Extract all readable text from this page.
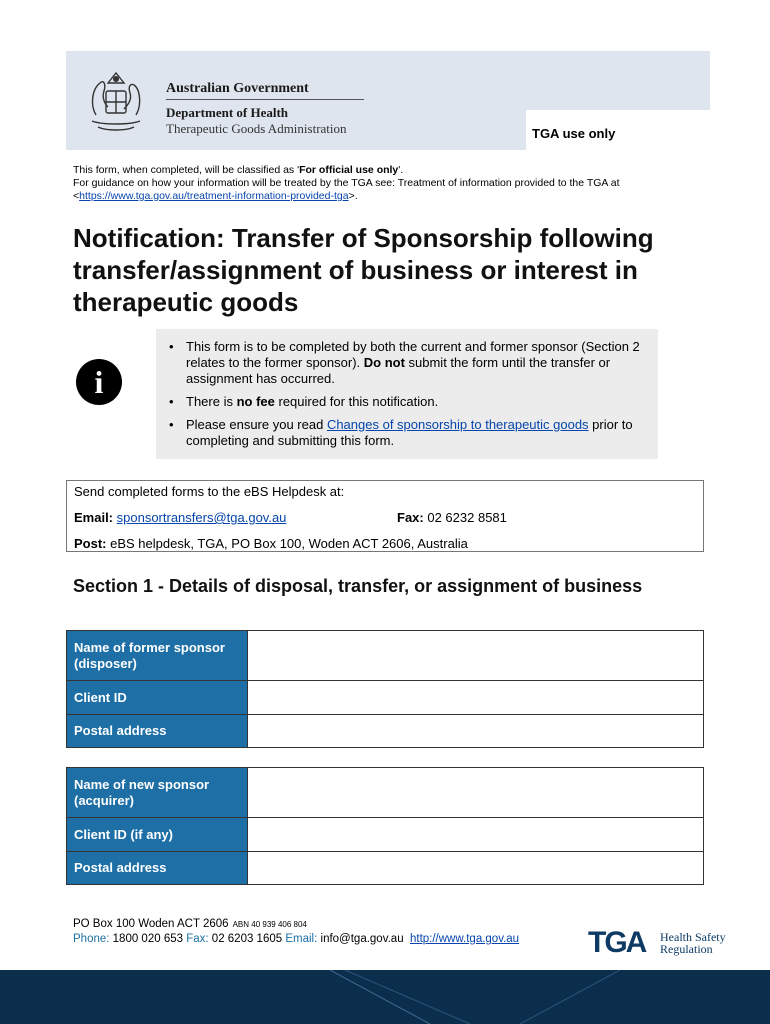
Australian Government
Department of Health
Therapeutic Goods Administration	TGA use only
This form, when completed, will be classified as 'For official use only'.
For guidance on how your information will be treated by the TGA see: Treatment of information provided to the TGA at
<https://www.tga.gov.au/treatment-information-provided-tga>.
Notification: Transfer of Sponsorship following transfer/assignment of business or interest in therapeutic goods
i
• This form is to be completed by both the current and former sponsor (Section 2 relates to the former sponsor). Do not submit the form until the transfer or assignment has occurred.
• There is no fee required for this notification.
• Please ensure you read Changes of sponsorship to therapeutic goods prior to completing and submitting this form.
Send completed forms to the eBS Helpdesk at:
Email: sponsortransfers@tga.gov.au	Fax: 02 6232 8581
Post: eBS helpdesk, TGA, PO Box 100, Woden ACT 2606, Australia
Section 1 - Details of disposal, transfer, or assignment of business
Name of former sponsor (disposer)
Client ID
Postal address
Name of new sponsor (acquirer)
Client ID (if any)
Postal address
PO Box 100 Woden ACT 2606 ABN 40 939 406 804
Phone: 1800 020 653 Fax: 02 6203 1605 Email: info@tga.gov.au http://www.tga.gov.au TGA Health Safety
Regulation
